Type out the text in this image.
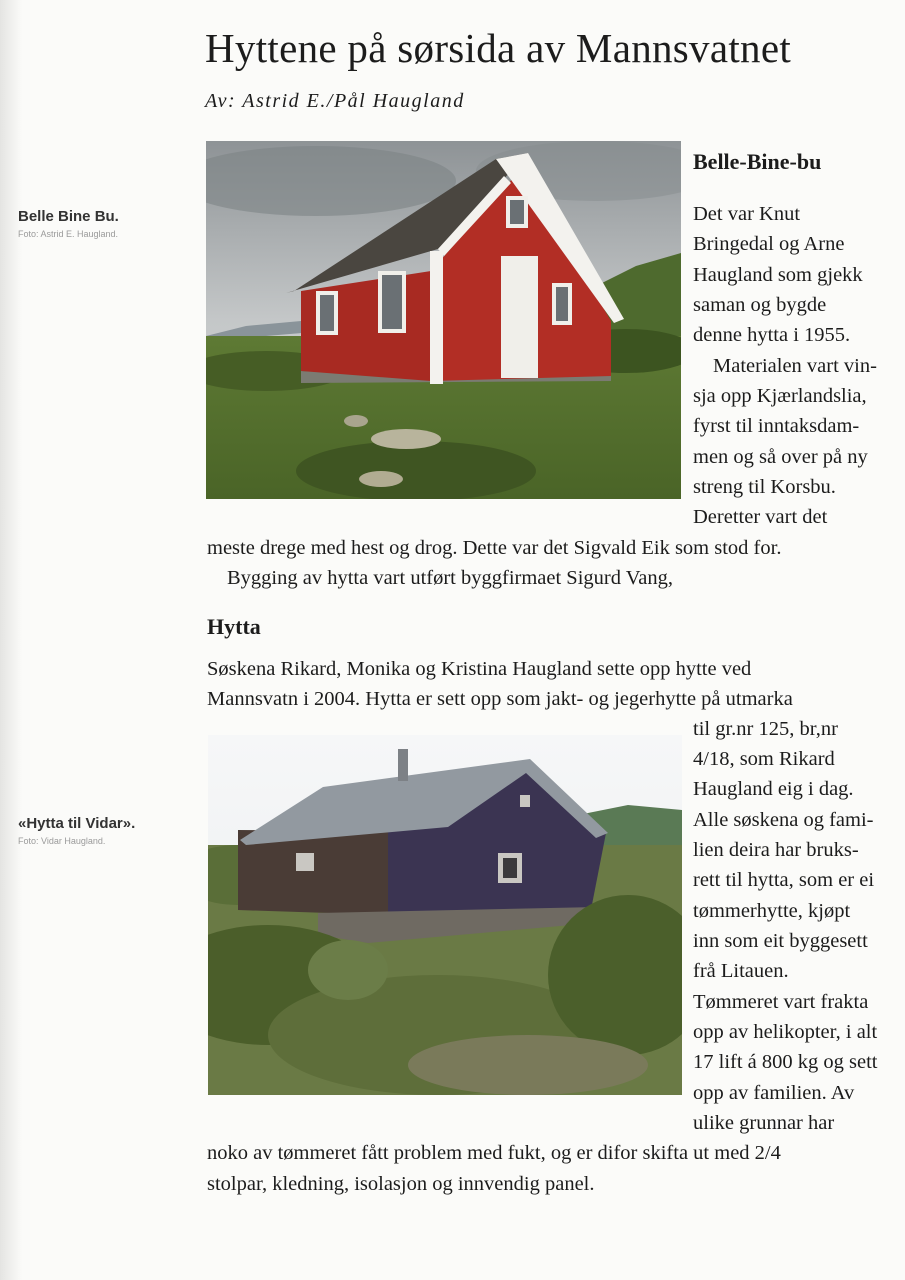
Hyttene på sørsida av Mannsvatnet
Av: Astrid E./Pål Haugland
Belle Bine Bu.
Foto: Astrid E. Haugland.
«Hytta til Vidar».
Foto: Vidar Haugland.
Belle-Bine-bu
Det var Knut
Bringedal og Arne
Haugland som gjekk
saman og bygde
denne hytta i 1955.
Materialen vart vin-
sja opp Kjærlandslia,
fyrst til inntaksdam-
men og så over på ny
streng til Korsbu.
Deretter vart det
meste drege med hest og drog. Dette var det Sigvald Eik som stod for.
Bygging av hytta vart utført byggfirmaet Sigurd Vang,
Hytta
Søskena Rikard, Monika og Kristina Haugland sette opp hytte ved
Mannsvatn i 2004. Hytta er sett opp som jakt- og jegerhytte på utmarka
til gr.nr 125, br,nr
4/18, som Rikard
Haugland eig i dag.
Alle søskena og fami-
lien deira har bruks-
rett til hytta, som er ei
tømmerhytte, kjøpt
inn som eit byggesett
frå Litauen.
Tømmeret vart frakta
opp av helikopter, i alt
17 lift á 800 kg og sett
opp av familien. Av
ulike grunnar har
noko av tømmeret fått problem med fukt, og er difor skifta ut med 2/4
stolpar, kledning, isolasjon og innvendig panel.
